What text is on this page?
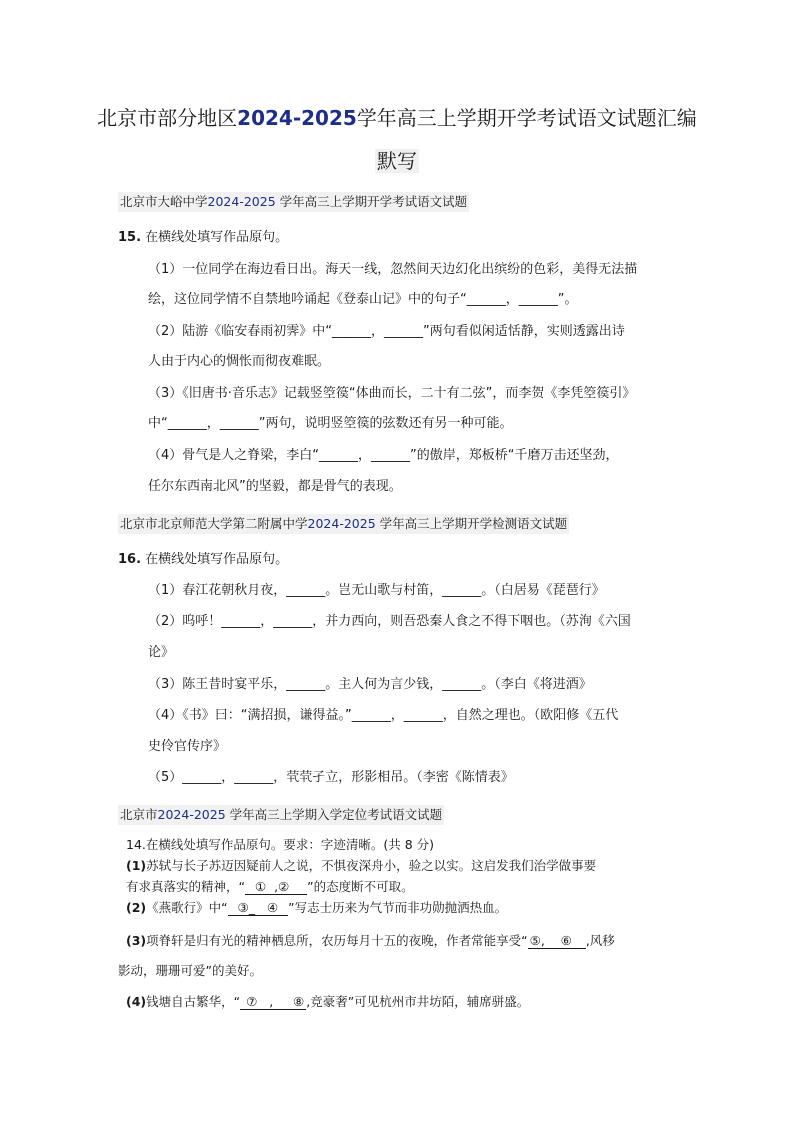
北京市部分地区2024-2025学年高三上学期开学考试语文试题汇编
默写
北京市大峪中学2024-2025 学年高三上学期开学考试语文试题
15. 在横线处填写作品原句。
（1）一位同学在海边看日出。海天一线，忽然间天边幻化出缤纷的色彩，美得无法描
绘，这位同学情不自禁地吟诵起《登泰山记》中的句子“______，______”。
（2）陆游《临安春雨初霁》中“______，______”两句看似闲适恬静，实则透露出诗
人由于内心的惆怅而彻夜难眠。
（3）《旧唐书·音乐志》记载竖箜篌“体曲而长，二十有二弦”，而李贺《李凭箜篌引》
中“______，______”两句，说明竖箜篌的弦数还有另一种可能。
（4）骨气是人之脊梁，李白“______，______”的傲岸，郑板桥“千磨万击还坚劲，
任尔东西南北风”的坚毅，都是骨气的表现。
北京市北京师范大学第二附属中学2024-2025 学年高三上学期开学检测语文试题
16. 在横线处填写作品原句。
（1）春江花朝秋月夜，______。岂无山歌与村笛，______。（白居易《琵琶行》
（2）呜呼！______，______，并力西向，则吾恐秦人食之不得下咽也。（苏洵《六国
论》
（3）陈王昔时宴平乐，______。主人何为言少钱，______。（李白《将进酒》
（4）《书》曰：“满招损，谦得益。”______，______，自然之理也。（欧阳修《五代
史伶官传序》
（5）______，______，茕茕孑立，形影相吊。（李密《陈情表》
北京市2024-2025 学年高三上学期入学定位考试语文试题
14.在横线处填写作品原句。要求：字迹清晰。(共 8 分)
(1)苏轼与长子苏迈因疑前人之说，不惧夜深舟小，验之以实。这启发我们治学做事要
有求真落实的精神，“  ①  ,②    ”的态度断不可取。
(2)《燕歌行》中“  ③_   ④  ”写志士历来为气节而非功勋抛洒热血。
(3)项脊轩是归有光的精神栖息所，农历每月十五的夜晚，作者常能享受“ ⑤,    ⑥   ,风移
影动，珊珊可爱”的美好。
(4)钱塘自古繁华，“ ⑦   ,     ⑧ ,竞豪奢”可见杭州市井坊陌，辅席骈盛。
